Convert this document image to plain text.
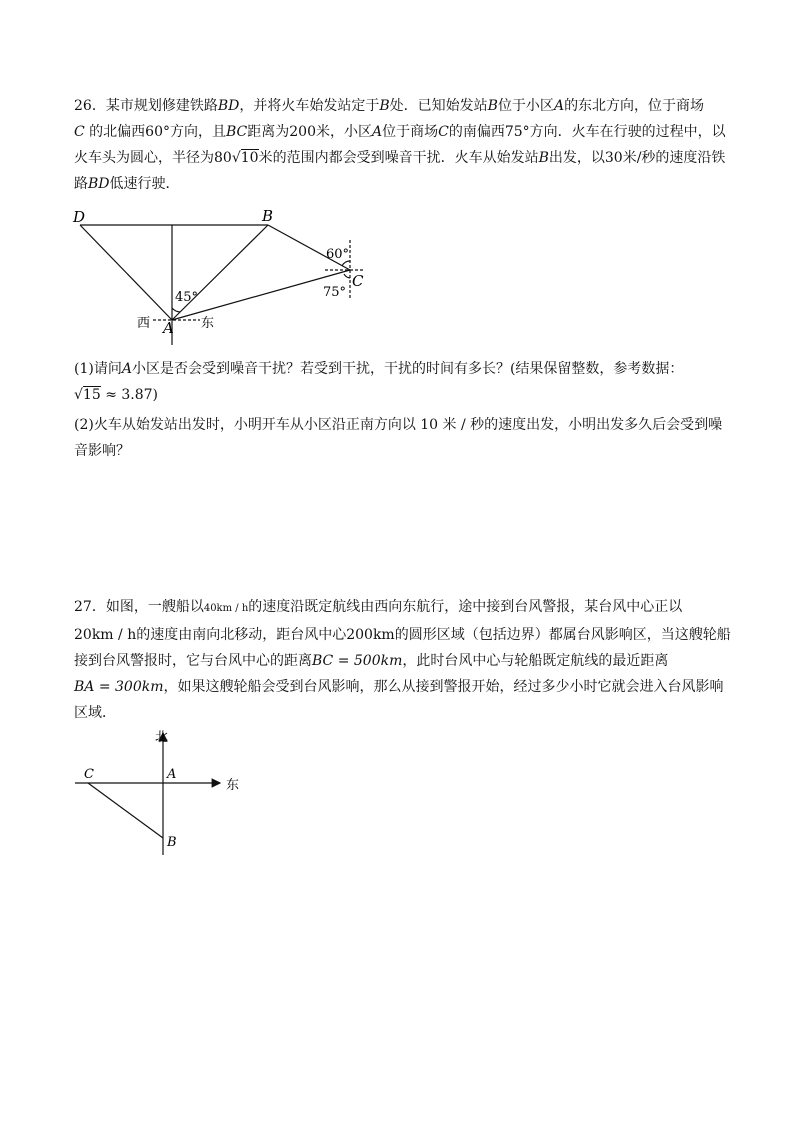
26．某市规划修建铁路BD，并将火车始发站定于B处．已知始发站B位于小区A的东北方向，位于商场
C 的北偏西60°方向，且BC距离为200米，小区A位于商场C的南偏西75°方向．火车在行驶的过程中，以火车头为圆心，半径为80√10米的范围内都会受到噪音干扰．火车从始发站B出发，以30米/秒的速度沿铁路BD低速行驶．

D	B
A
C
西	东
45°
60°
75°

(1)请问A小区是否会受到噪音干扰？若受到干扰，干扰的时间有多长？(结果保留整数，参考数据：
√15 ≈ 3.87)

(2)火车从始发站出发时，小明开车从小区沿正南方向以 10 米 / 秒的速度出发，小明出发多久后会受到噪音影响？

27．如图，一艘船以40km / h的速度沿既定航线由西向东航行，途中接到台风警报，某台风中心正以
20km / h的速度由南向北移动，距台风中心200km的圆形区域（包括边界）都属台风影响区，当这艘轮船接到台风警报时，它与台风中心的距离BC = 500km，此时台风中心与轮船既定航线的最近距离
BA = 300km，如果这艘轮船会受到台风影响，那么从接到警报开始，经过多少小时它就会进入台风影响区域．

北
东
C	A
B
